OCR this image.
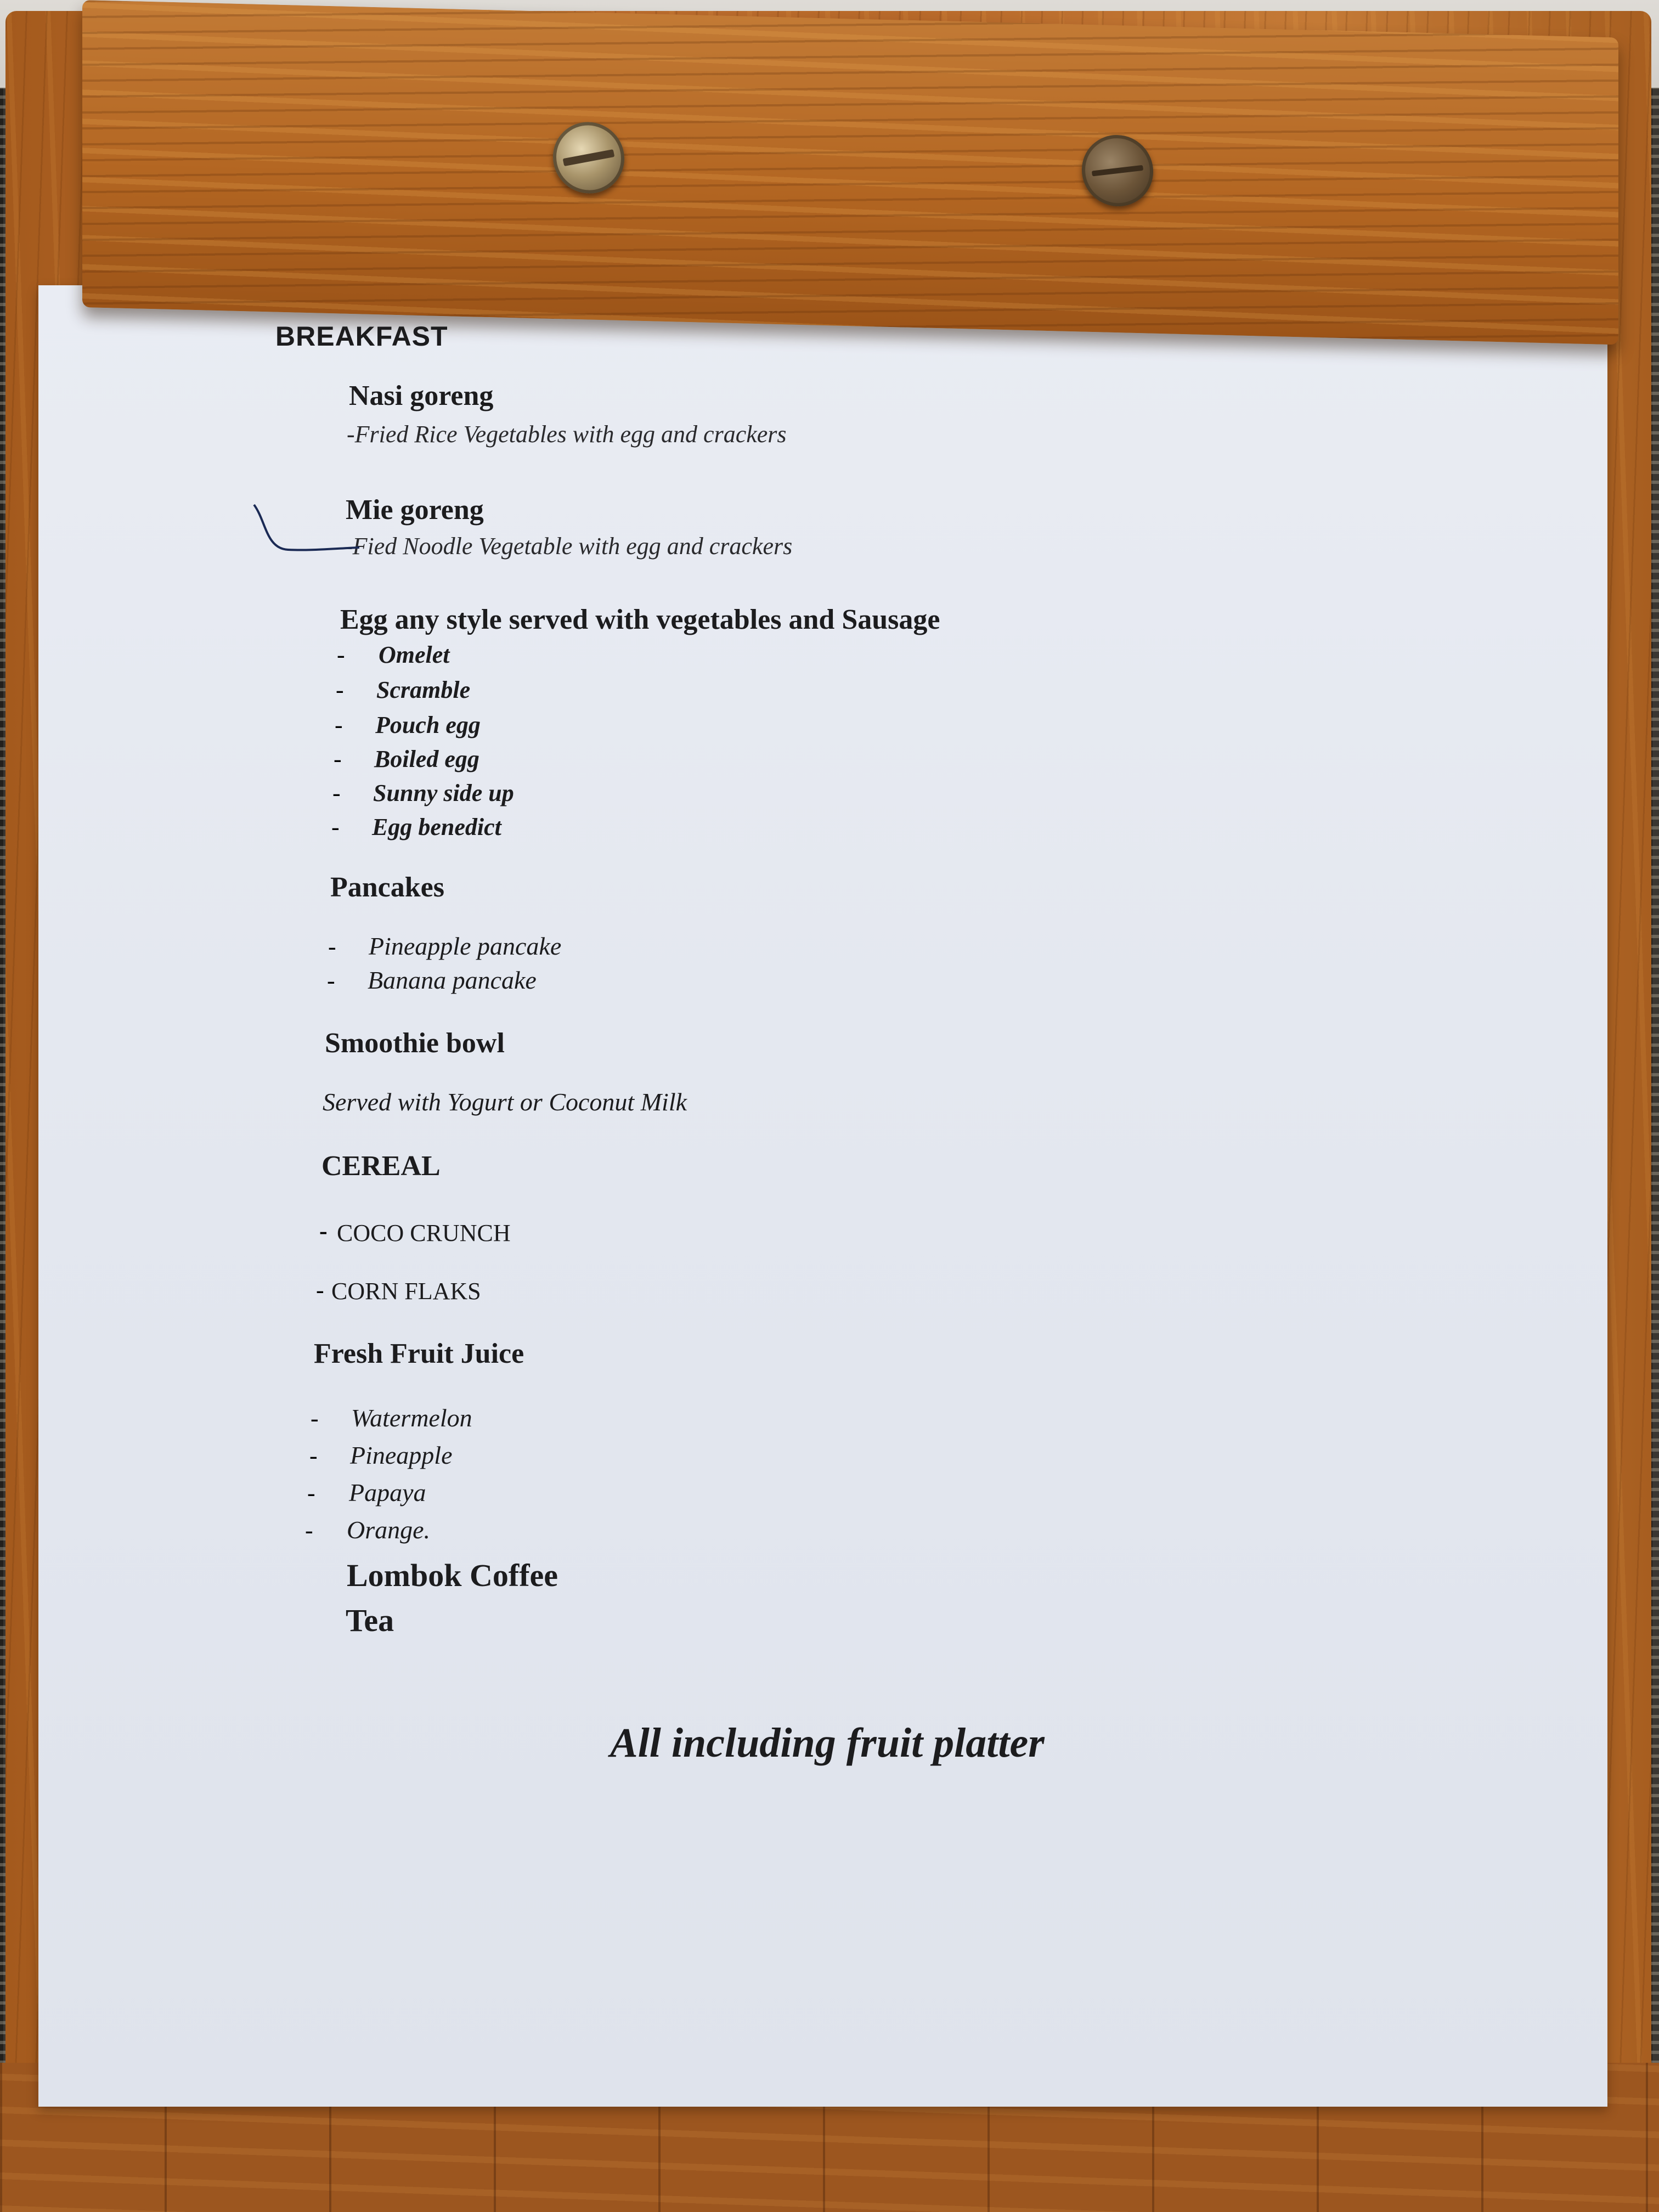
BREAKFAST
Nasi goreng
-Fried Rice Vegetables with egg and crackers
Mie goreng
-Fied Noodle Vegetable with egg and crackers
Egg any style served with vegetables and Sausage
- Omelet
- Scramble
- Pouch egg
- Boiled egg
- Sunny side up
- Egg benedict
Pancakes
- Pineapple pancake
- Banana pancake
Smoothie bowl
Served with Yogurt or Coconut Milk
CEREAL
- COCO CRUNCH
- CORN FLAKS
Fresh Fruit Juice
- Watermelon
- Pineapple
- Papaya
- Orange.
Lombok Coffee
Tea
All including fruit platter
